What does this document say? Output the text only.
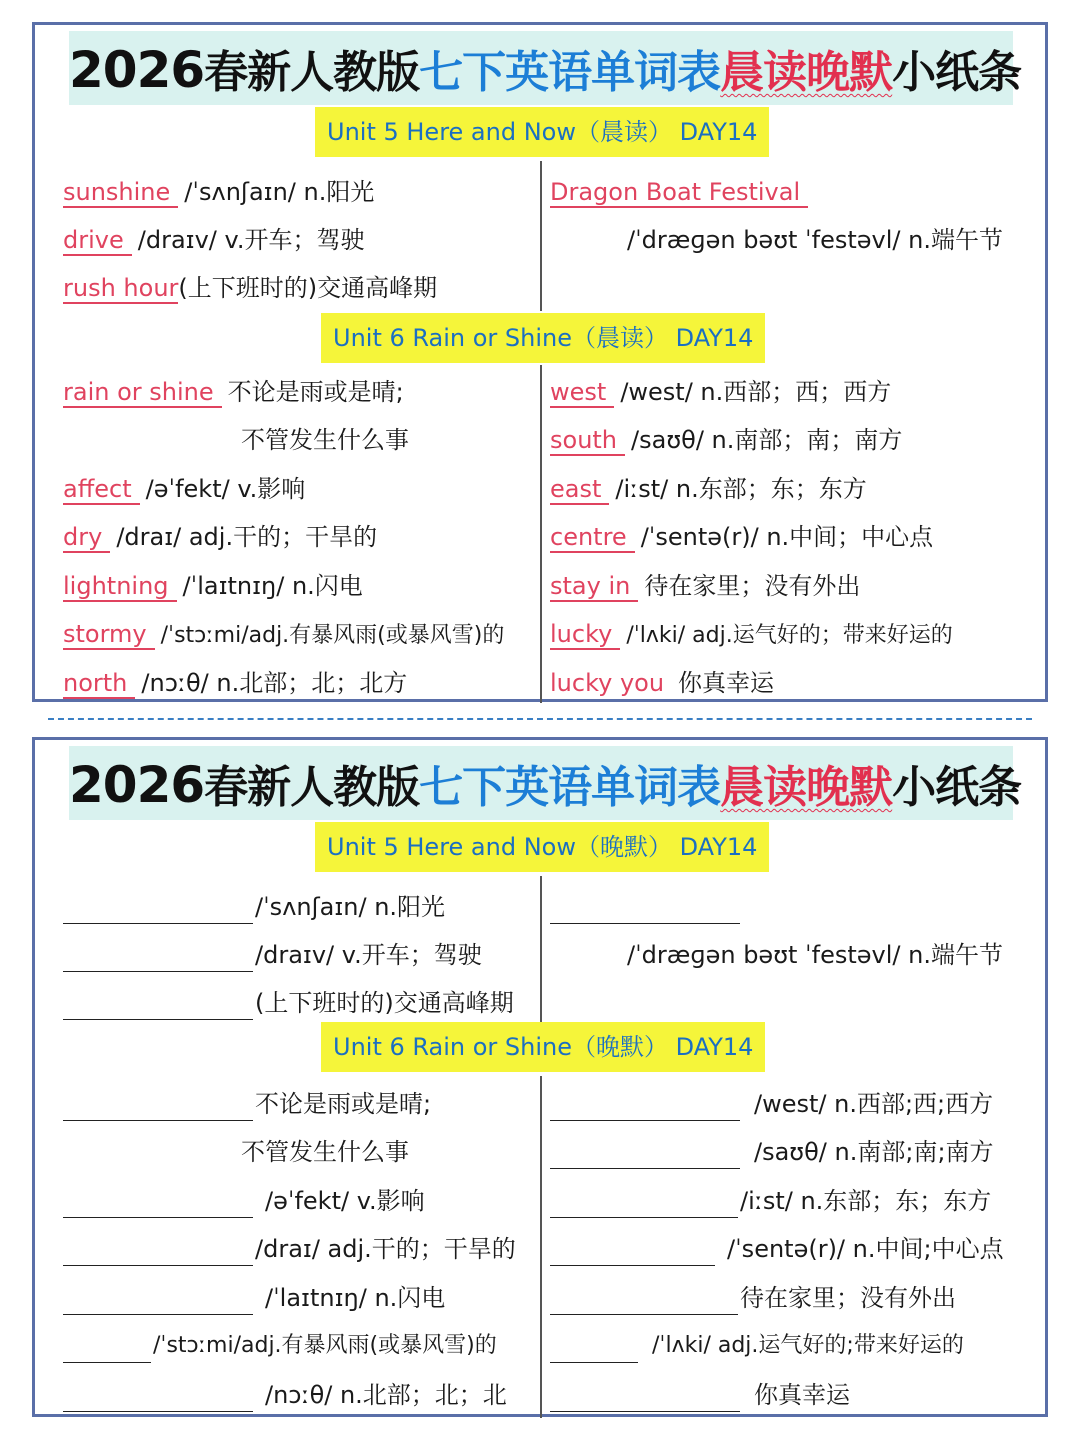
2026春新人教版七下英语单词表晨读晚默小纸条
Unit 5 Here and Now（晨读） DAY14
sunshine /ˈsʌnʃaɪn/ n.阳光
drive /draɪv/ v.开车；驾驶
rush hour(上下班时的)交通高峰期
Dragon Boat Festival
/ˈdræɡən bəʊt ˈfestəvl/ n.端午节
Unit 6 Rain or Shine（晨读） DAY14
rain or shine 不论是雨或是晴;
不管发生什么事
affect /əˈfekt/ v.影响
dry /draɪ/ adj.干的；干旱的
lightning /ˈlaɪtnɪŋ/ n.闪电
stormy /ˈstɔːmi/adj.有暴风雨(或暴风雪)的
north /nɔːθ/ n.北部；北；北方
west /west/ n.西部；西；西方
south /saʊθ/ n.南部；南；南方
east /iːst/ n.东部；东；东方
centre /ˈsentə(r)/ n.中间；中心点
stay in 待在家里；没有外出
lucky /ˈlʌki/ adj.运气好的；带来好运的
lucky you 你真幸运
2026春新人教版七下英语单词表晨读晚默小纸条
Unit 5 Here and Now（晚默） DAY14
/ˈsʌnʃaɪn/ n.阳光
/draɪv/ v.开车；驾驶
(上下班时的)交通高峰期
/ˈdræɡən bəʊt ˈfestəvl/ n.端午节
Unit 6 Rain or Shine（晚默） DAY14
不论是雨或是晴;
不管发生什么事
/əˈfekt/ v.影响
/draɪ/ adj.干的；干旱的
/ˈlaɪtnɪŋ/ n.闪电
/ˈstɔːmi/adj.有暴风雨(或暴风雪)的
/nɔːθ/ n.北部；北；北
/west/ n.西部;西;西方
/saʊθ/ n.南部;南;南方
/iːst/ n.东部；东；东方
/ˈsentə(r)/ n.中间;中心点
待在家里；没有外出
/ˈlʌki/ adj.运气好的;带来好运的
你真幸运
